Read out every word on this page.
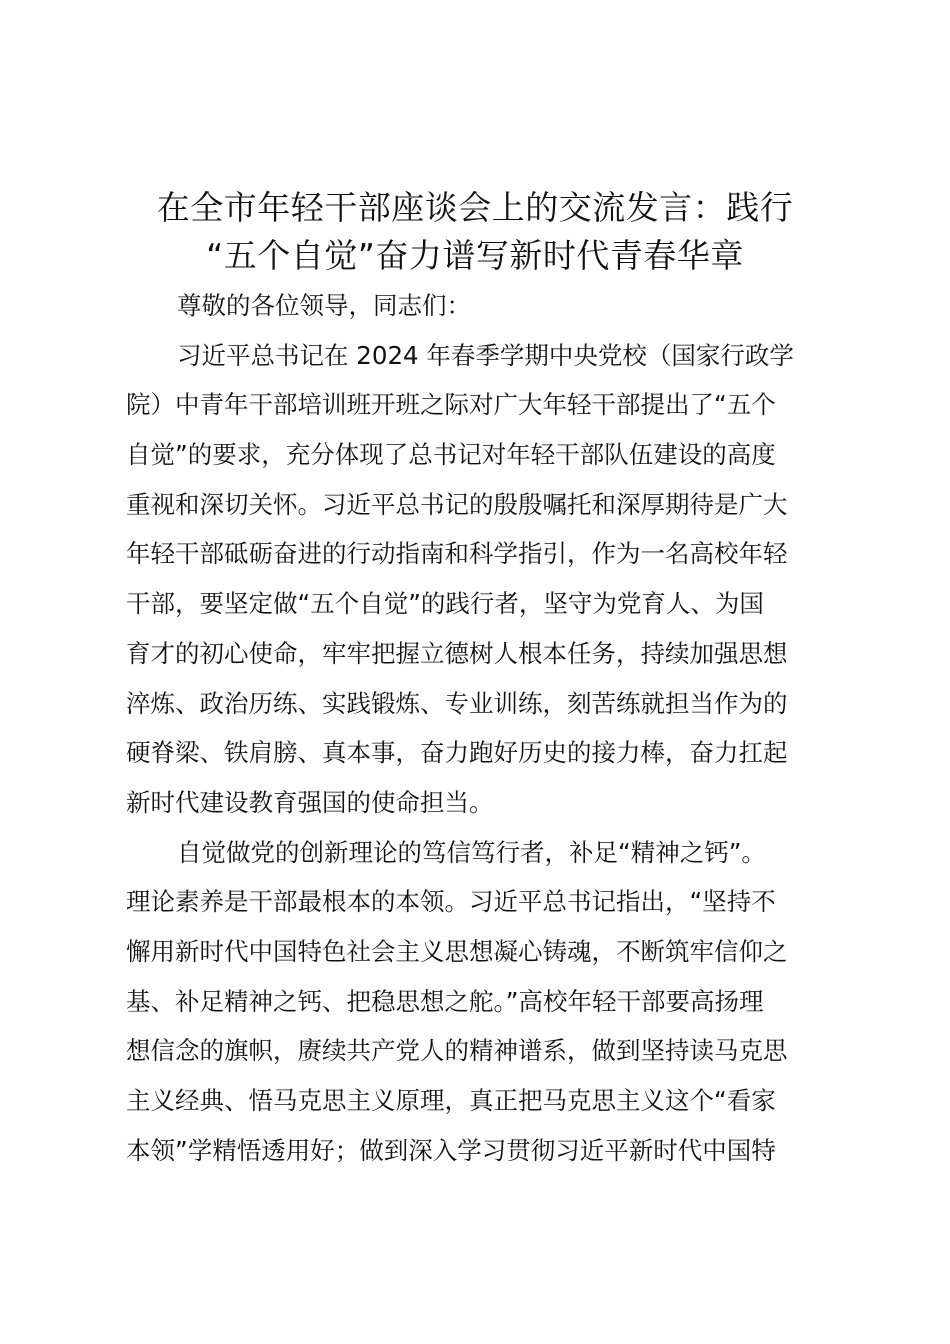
在全市年轻干部座谈会上的交流发言：践行
“五个自觉”奋力谱写新时代青春华章
尊敬的各位领导，同志们：
习近平总书记在 2024 年春季学期中央党校（国家行政学
院）中青年干部培训班开班之际对广大年轻干部提出了“五个
自觉”的要求，充分体现了总书记对年轻干部队伍建设的高度
重视和深切关怀。习近平总书记的殷殷嘱托和深厚期待是广大
年轻干部砥砺奋进的行动指南和科学指引，作为一名高校年轻
干部，要坚定做“五个自觉”的践行者，坚守为党育人、为国
育才的初心使命，牢牢把握立德树人根本任务，持续加强思想
淬炼、政治历练、实践锻炼、专业训练，刻苦练就担当作为的
硬脊梁、铁肩膀、真本事，奋力跑好历史的接力棒，奋力扛起
新时代建设教育强国的使命担当。
自觉做党的创新理论的笃信笃行者，补足“精神之钙”。
理论素养是干部最根本的本领。习近平总书记指出，“坚持不
懈用新时代中国特色社会主义思想凝心铸魂，不断筑牢信仰之
基、补足精神之钙、把稳思想之舵。”高校年轻干部要高扬理
想信念的旗帜，赓续共产党人的精神谱系，做到坚持读马克思
主义经典、悟马克思主义原理，真正把马克思主义这个“看家
本领”学精悟透用好；做到深入学习贯彻习近平新时代中国特
